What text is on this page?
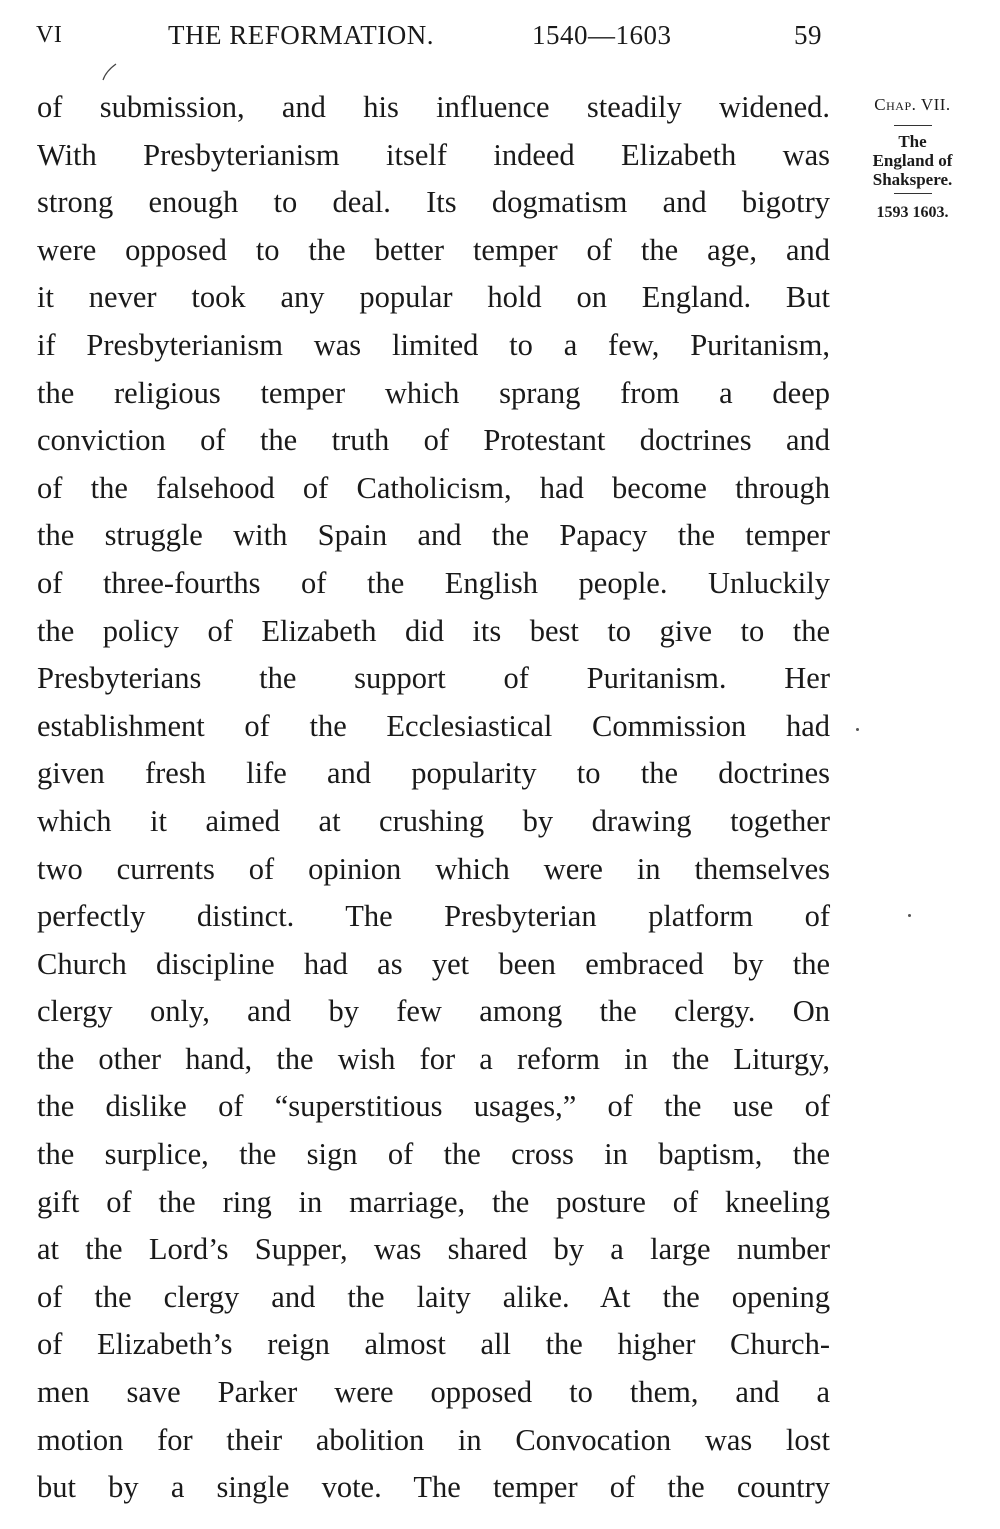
VI	THE REFORMATION.	1540—1603	59
of submission, and his influence steadily widened.
With Presbyterianism itself indeed Elizabeth was
strong enough to deal. Its dogmatism and bigotry
were opposed to the better temper of the age, and
it never took any popular hold on England. But
if Presbyterianism was limited to a few, Puritanism,
the religious temper which sprang from a deep
conviction of the truth of Protestant doctrines and
of the falsehood of Catholicism, had become through
the struggle with Spain and the Papacy the temper
of three-fourths of the English people. Unluckily
the policy of Elizabeth did its best to give to the
Presbyterians the support of Puritanism. Her
establishment of the Ecclesiastical Commission had
given fresh life and popularity to the doctrines
which it aimed at crushing by drawing together
two currents of opinion which were in themselves
perfectly distinct. The Presbyterian platform of
Church discipline had as yet been embraced by the
clergy only, and by few among the clergy. On
the other hand, the wish for a reform in the Liturgy,
the dislike of “superstitious usages,” of the use of
the surplice, the sign of the cross in baptism, the
gift of the ring in marriage, the posture of kneeling
at the Lord’s Supper, was shared by a large number
of the clergy and the laity alike. At the opening
of Elizabeth’s reign almost all the higher Church-
men save Parker were opposed to them, and a
motion for their abolition in Convocation was lost
but by a single vote. The temper of the country
Chap. VII.
The
England of
Shakspere.
1593 1603.
